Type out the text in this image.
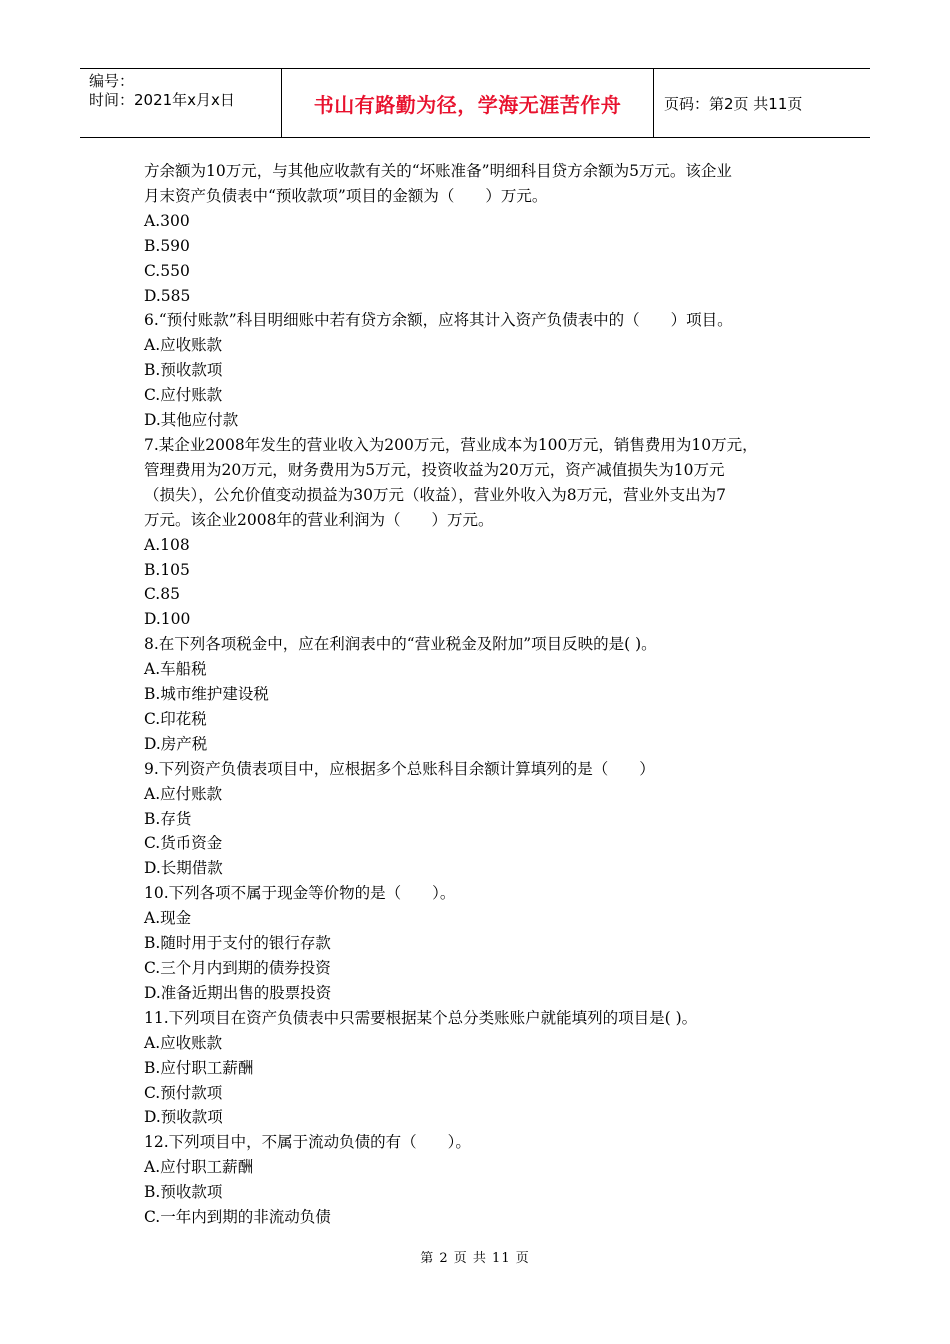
编号：
时间：2021年x月x日	书山有路勤为径，学海无涯苦作舟	页码：第2页 共11页
方余额为10万元，与其他应收款有关的“坏账准备”明细科目贷方余额为5万元。该企业
月末资产负债表中“预收款项”项目的金额为（　　）万元。
A.300
B.590
C.550
D.585
6.“预付账款”科目明细账中若有贷方余额，应将其计入资产负债表中的（　　）项目。
A.应收账款
B.预收款项
C.应付账款
D.其他应付款
7.某企业2008年发生的营业收入为200万元，营业成本为100万元，销售费用为10万元，
管理费用为20万元，财务费用为5万元，投资收益为20万元，资产减值损失为10万元
（损失），公允价值变动损益为30万元（收益），营业外收入为8万元，营业外支出为7
万元。该企业2008年的营业利润为（　　）万元。
A.108
B.105
C.85
D.100
8.在下列各项税金中，应在利润表中的“营业税金及附加”项目反映的是( )。
A.车船税
B.城市维护建设税
C.印花税
D.房产税
9.下列资产负债表项目中，应根据多个总账科目余额计算填列的是（　　）
A.应付账款
B.存货
C.货币资金
D.长期借款
10.下列各项不属于现金等价物的是（　　）。
A.现金
B.随时用于支付的银行存款
C.三个月内到期的债券投资
D.准备近期出售的股票投资
11.下列项目在资产负债表中只需要根据某个总分类账账户就能填列的项目是( )。
A.应收账款
B.应付职工薪酬
C.预付款项
D.预收款项
12.下列项目中，不属于流动负债的有（　　）。
A.应付职工薪酬
B.预收款项
C.一年内到期的非流动负债
第 2 页 共 11 页
